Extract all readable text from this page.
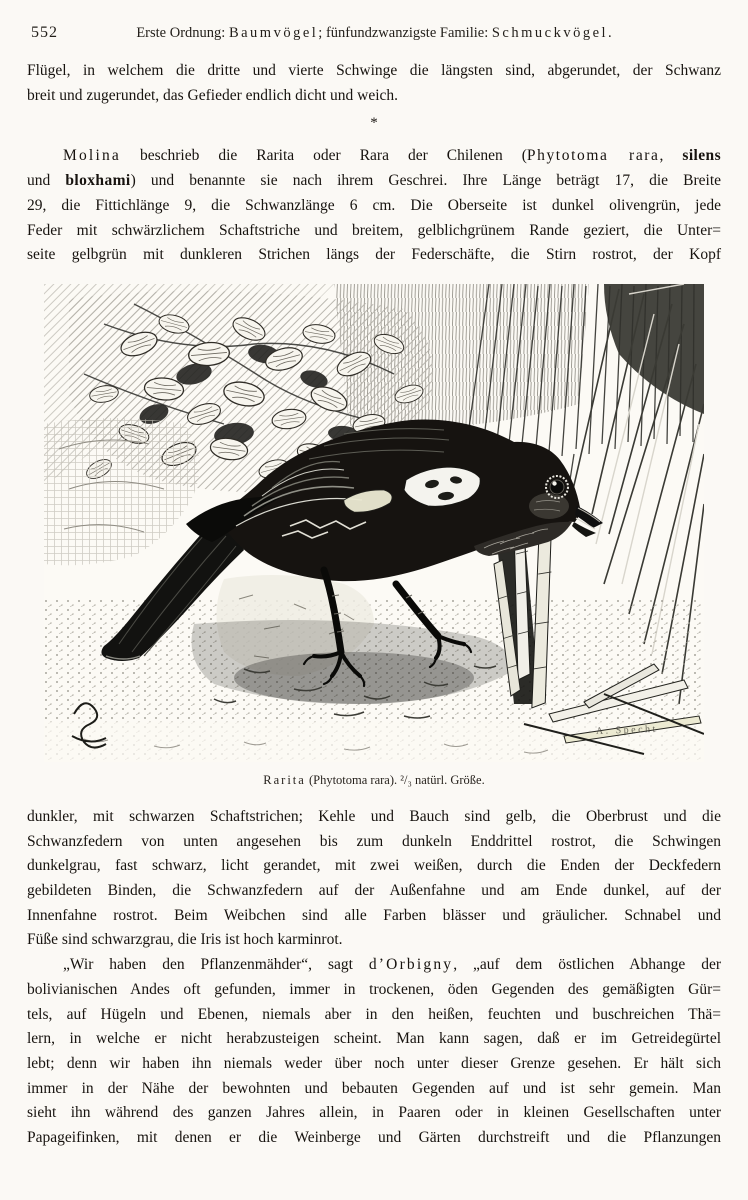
552	Erste Ordnung: Baumvögel; fünfundzwanzigste Familie: Schmuckvögel.
Flügel, in welchem die dritte und vierte Schwinge die längsten sind, abgerundet, der Schwanz
breit und zugerundet, das Gefieder endlich dicht und weich.
*
Molina beschrieb die Rarita oder Rara der Chilenen (Phytotoma rara, silens
und bloxhami) und benannte sie nach ihrem Geschrei. Ihre Länge beträgt 17, die Breite
29, die Fittichlänge 9, die Schwanzlänge 6 cm. Die Oberseite ist dunkel olivengrün, jede
Feder mit schwärzlichem Schaftstriche und breitem, gelblichgrünem Rande geziert, die Unter=
seite gelbgrün mit dunkleren Strichen längs der Federschäfte, die Stirn rostrot, der Kopf
A. Specht
Rarita (Phytotoma rara). ²/₃ natürl. Größe.
dunkler, mit schwarzen Schaftstrichen; Kehle und Bauch sind gelb, die Oberbrust und die
Schwanzfedern von unten angesehen bis zum dunkeln Enddrittel rostrot, die Schwingen
dunkelgrau, fast schwarz, licht gerandet, mit zwei weißen, durch die Enden der Deckfedern
gebildeten Binden, die Schwanzfedern auf der Außenfahne und am Ende dunkel, auf der
Innenfahne rostrot. Beim Weibchen sind alle Farben blässer und gräulicher. Schnabel und
Füße sind schwarzgrau, die Iris ist hoch karminrot.
„Wir haben den Pflanzenmähder“, sagt d’Orbigny, „auf dem östlichen Abhange der
bolivianischen Andes oft gefunden, immer in trockenen, öden Gegenden des gemäßigten Gür=
tels, auf Hügeln und Ebenen, niemals aber in den heißen, feuchten und buschreichen Thä=
lern, in welche er nicht herabzusteigen scheint. Man kann sagen, daß er im Getreidegürtel
lebt; denn wir haben ihn niemals weder über noch unter dieser Grenze gesehen. Er hält sich
immer in der Nähe der bewohnten und bebauten Gegenden auf und ist sehr gemein. Man
sieht ihn während des ganzen Jahres allein, in Paaren oder in kleinen Gesellschaften unter
Papageifinken, mit denen er die Weinberge und Gärten durchstreift und die Pflanzungen
